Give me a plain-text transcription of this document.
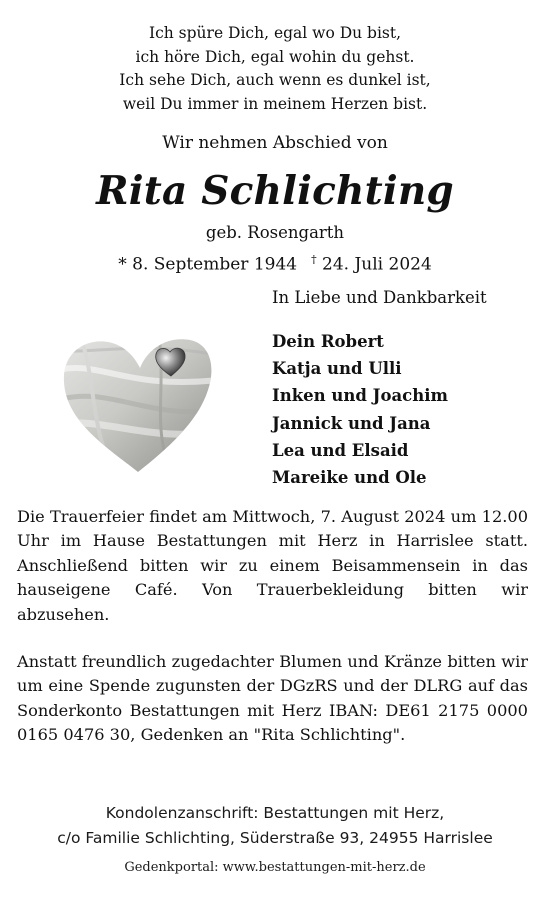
Ich spüre Dich, egal wo Du bist,
ich höre Dich, egal wohin du gehst.
Ich sehe Dich, auch wenn es dunkel ist,
weil Du immer in meinem Herzen bist.
Wir nehmen Abschied von
Rita Schlichting
geb. Rosengarth
* 8. September 1944 † 24. Juli 2024
In Liebe und Dankbarkeit
Dein Robert
Katja und Ulli
Inken und Joachim
Jannick und Jana
Lea und Elsaid
Mareike und Ole
Die Trauerfeier findet am Mittwoch, 7. August 2024 um 12.00 Uhr im Hause Bestattungen mit Herz in Harrislee statt. Anschließend bitten wir zu einem Beisammensein in das hauseigene Café. Von Trauerbekleidung bitten wir abzusehen.
Anstatt freundlich zugedachter Blumen und Kränze bitten wir um eine Spende zugunsten der DGzRS und der DLRG auf das Sonderkonto Bestattungen mit Herz IBAN: DE61 2175 0000 0165 0476 30, Gedenken an "Rita Schlichting".
Kondolenzanschrift: Bestattungen mit Herz,
c/o Familie Schlichting, Süderstraße 93, 24955 Harrislee
Gedenkportal: www.bestattungen-mit-herz.de
